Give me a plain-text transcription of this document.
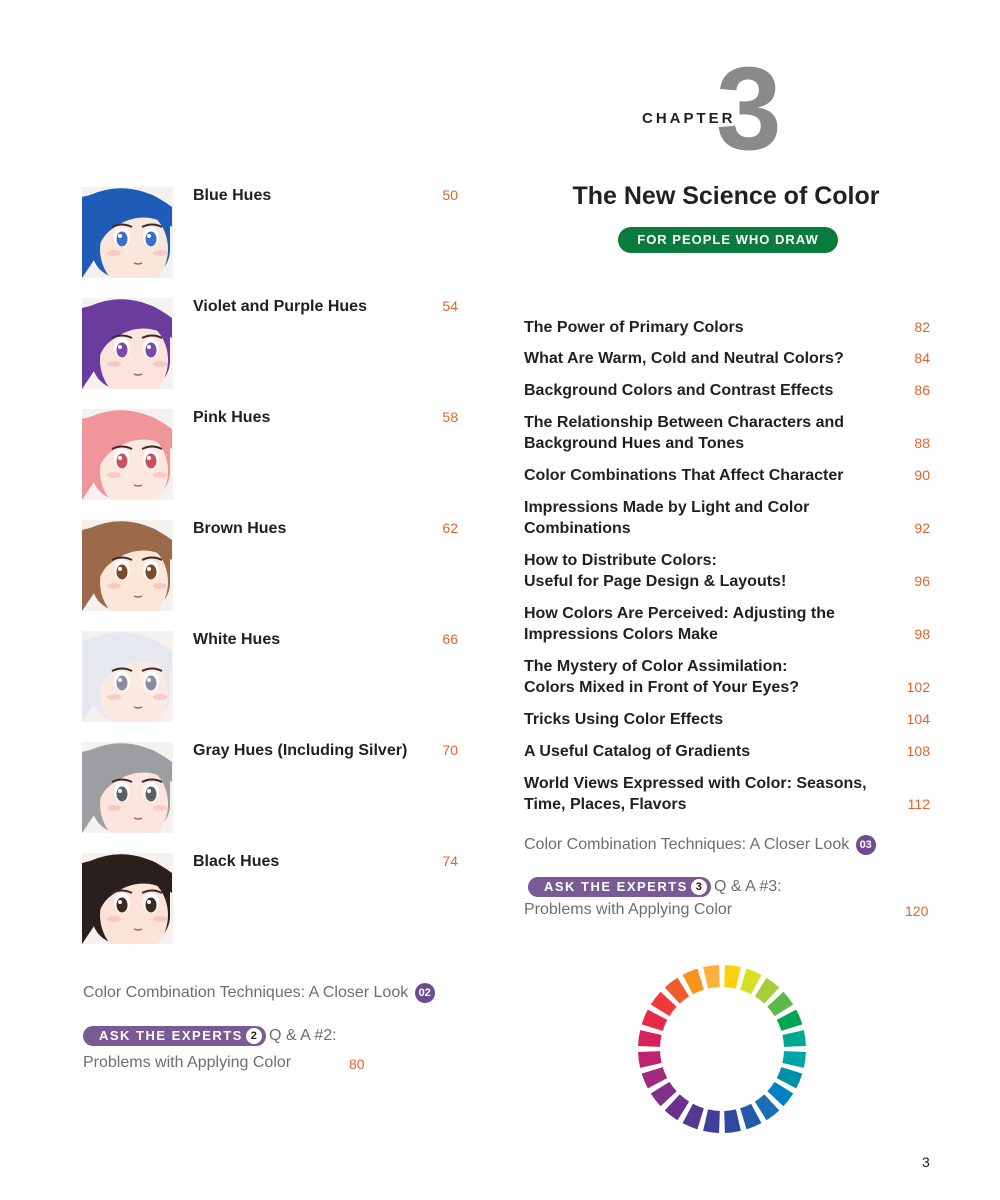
CHAPTER
3
The New Science of Color
FOR PEOPLE WHO DRAW
Blue Hues	50
Violet and Purple Hues	54
Pink Hues	58
Brown Hues	62
White Hues	66
Gray Hues (Including Silver)	70
Black Hues	74
Color Combination Techniques: A Closer Look 02
ASK THE EXPERTS 2 Q & A #2:
Problems with Applying Color	80
The Power of Primary Colors	82
What Are Warm, Cold and Neutral Colors?	84
Background Colors and Contrast Effects	86
The Relationship Between Characters and
Background Hues and Tones	88
Color Combinations That Affect Character	90
Impressions Made by Light and Color
Combinations	92
How to Distribute Colors:
Useful for Page Design & Layouts!	96
How Colors Are Perceived: Adjusting the
Impressions Colors Make	98
The Mystery of Color Assimilation:
Colors Mixed in Front of Your Eyes?	102
Tricks Using Color Effects	104
A Useful Catalog of Gradients	108
World Views Expressed with Color: Seasons,
Time, Places, Flavors	112
Color Combination Techniques: A Closer Look 03
ASK THE EXPERTS 3 Q & A #3:
Problems with Applying Color	120
3
